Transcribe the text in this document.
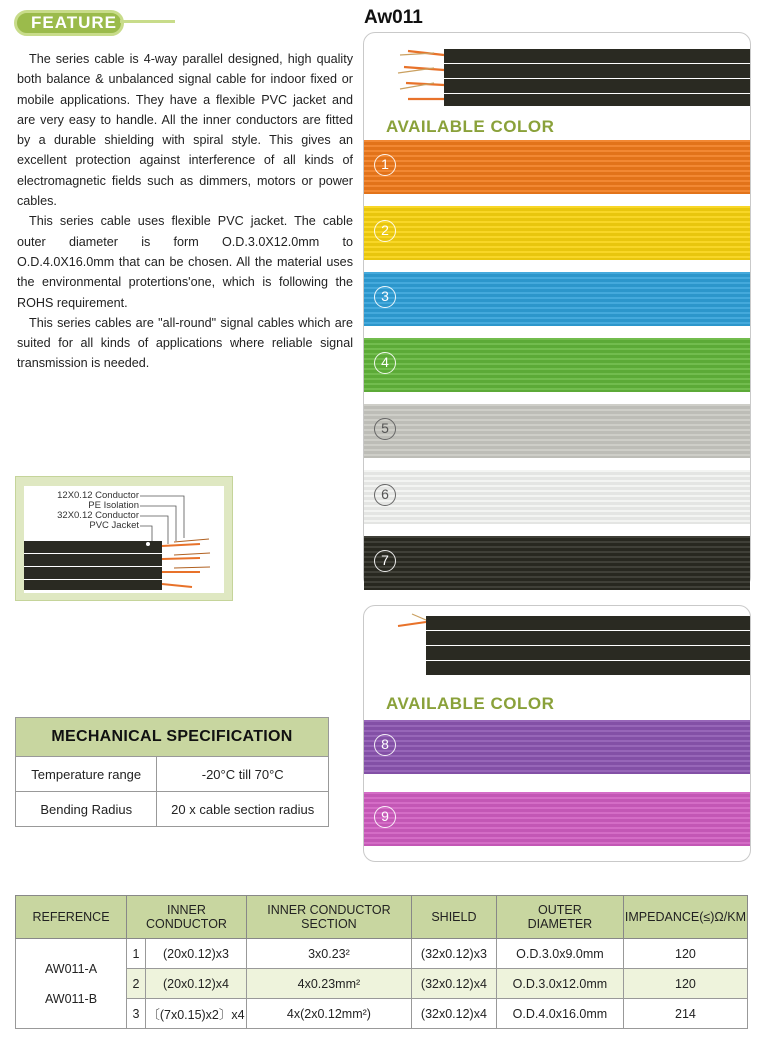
FEATURE

The series cable is 4-way parallel designed, high quality both balance & unbalanced signal cable for indoor fixed or mobile applications. They have a flexible PVC jacket and are very easy to handle. All the inner conductors are fitted by a durable shielding with spiral style. This gives an excellent protection against interference of all kinds of electromagnetic fields such as dimmers, motors or power cables.

This series cable uses flexible PVC jacket. The cable outer diameter is form O.D.3.0X12.0mm to O.D.4.0X16.0mm that can be chosen. All the material uses the environmental protertions'one, which is following the ROHS requirement.

This series cables are "all-round" signal cables which are suited for all kinds of applications where reliable signal transmission is needed.

Aw011
12X0.12 Conductor
PE Isolation
32X0.12 Conductor
PVC Jacket
AVAILABLE COLOR
1
2
3
4
5
6
7
AVAILABLE COLOR
8
9
MECHANICAL SPECIFICATION	
Temperature range	-20°C till 70°C
Bending Radius	20 x cable section radius
REFERENCE	INNER CONDUCTOR		INNER CONDUCTOR SECTION	SHIELD	OUTER DIAMETER	IMPEDANCE(≤)Ω/KM

AW011-A
AW011-B	1	(20x0.12)x3	3x0.23²	(32x0.12)x3	O.D.3.0x9.0mm	120
	2	(20x0.12)x4	4x0.23mm²	(32x0.12)x4	O.D.3.0x12.0mm	120
	3	〔(7x0.15)x2〕x4	4x(2x0.12mm²)	(32x0.12)x4	O.D.4.0x16.0mm	214
